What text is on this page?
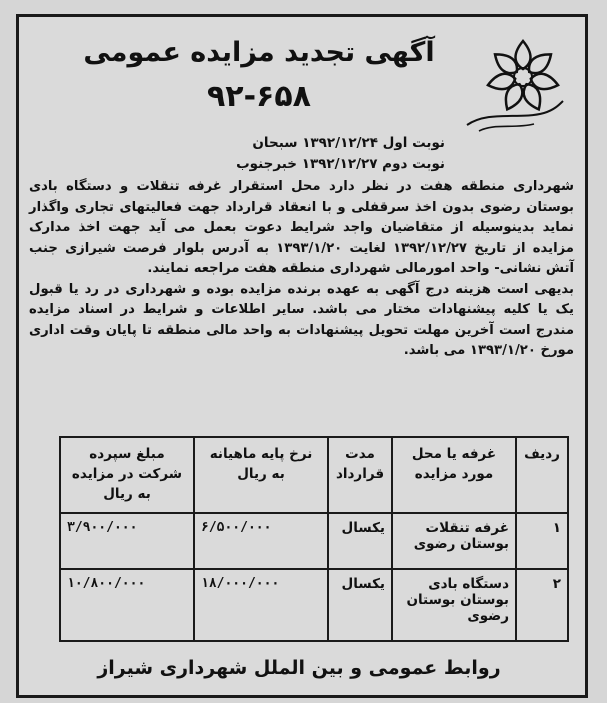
آگهی تجدید مزایده عمومی
۹۲-۶۵۸
نوبت اول ۱۳۹۲/۱۲/۲۴ سبحان
نوبت دوم ۱۳۹۲/۱۲/۲۷ خبرجنوب

شهرداری منطقه هفت در نظر دارد محل استقرار غرفه تنقلات و دستگاه بادی بوستان رضوی بدون اخذ سرقفلی و با انعقاد قرارداد جهت فعالیتهای تجاری واگذار نماید بدینوسیله از متقاضیان واجد شرایط دعوت بعمل می آید جهت اخذ مدارک مزایده از تاریخ ۱۳۹۲/۱۲/۲۷ لغایت ۱۳۹۳/۱/۲۰ به آدرس بلوار فرصت شیرازی جنب آتش نشانی- واحد امورمالی شهرداری منطقه هفت مراجعه نمایند.

بدیهی است هزینه درج آگهی به عهده برنده مزایده بوده و شهرداری در رد یا قبول یک یا کلیه پیشنهادات مختار می باشد. سایر اطلاعات و شرایط در اسناد مزایده مندرج است آخرین مهلت تحویل پیشنهادات به واحد مالی منطقه تا پایان وقت اداری مورخ ۱۳۹۳/۱/۲۰ می باشد.

ردیف	غرفه یا محل مورد مزایده	مدت قرارداد	نرخ پایه ماهیانه به ریال	مبلغ سپرده شرکت در مزایده به ریال
۱	غرفه تنقلات بوستان رضوی	یکسال	۶/۵۰۰/۰۰۰	۳/۹۰۰/۰۰۰
۲	دستگاه بادی بوستان بوستان رضوی	یکسال	۱۸/۰۰۰/۰۰۰	۱۰/۸۰۰/۰۰۰
روابط عمومی و بین الملل شهرداری شیراز
